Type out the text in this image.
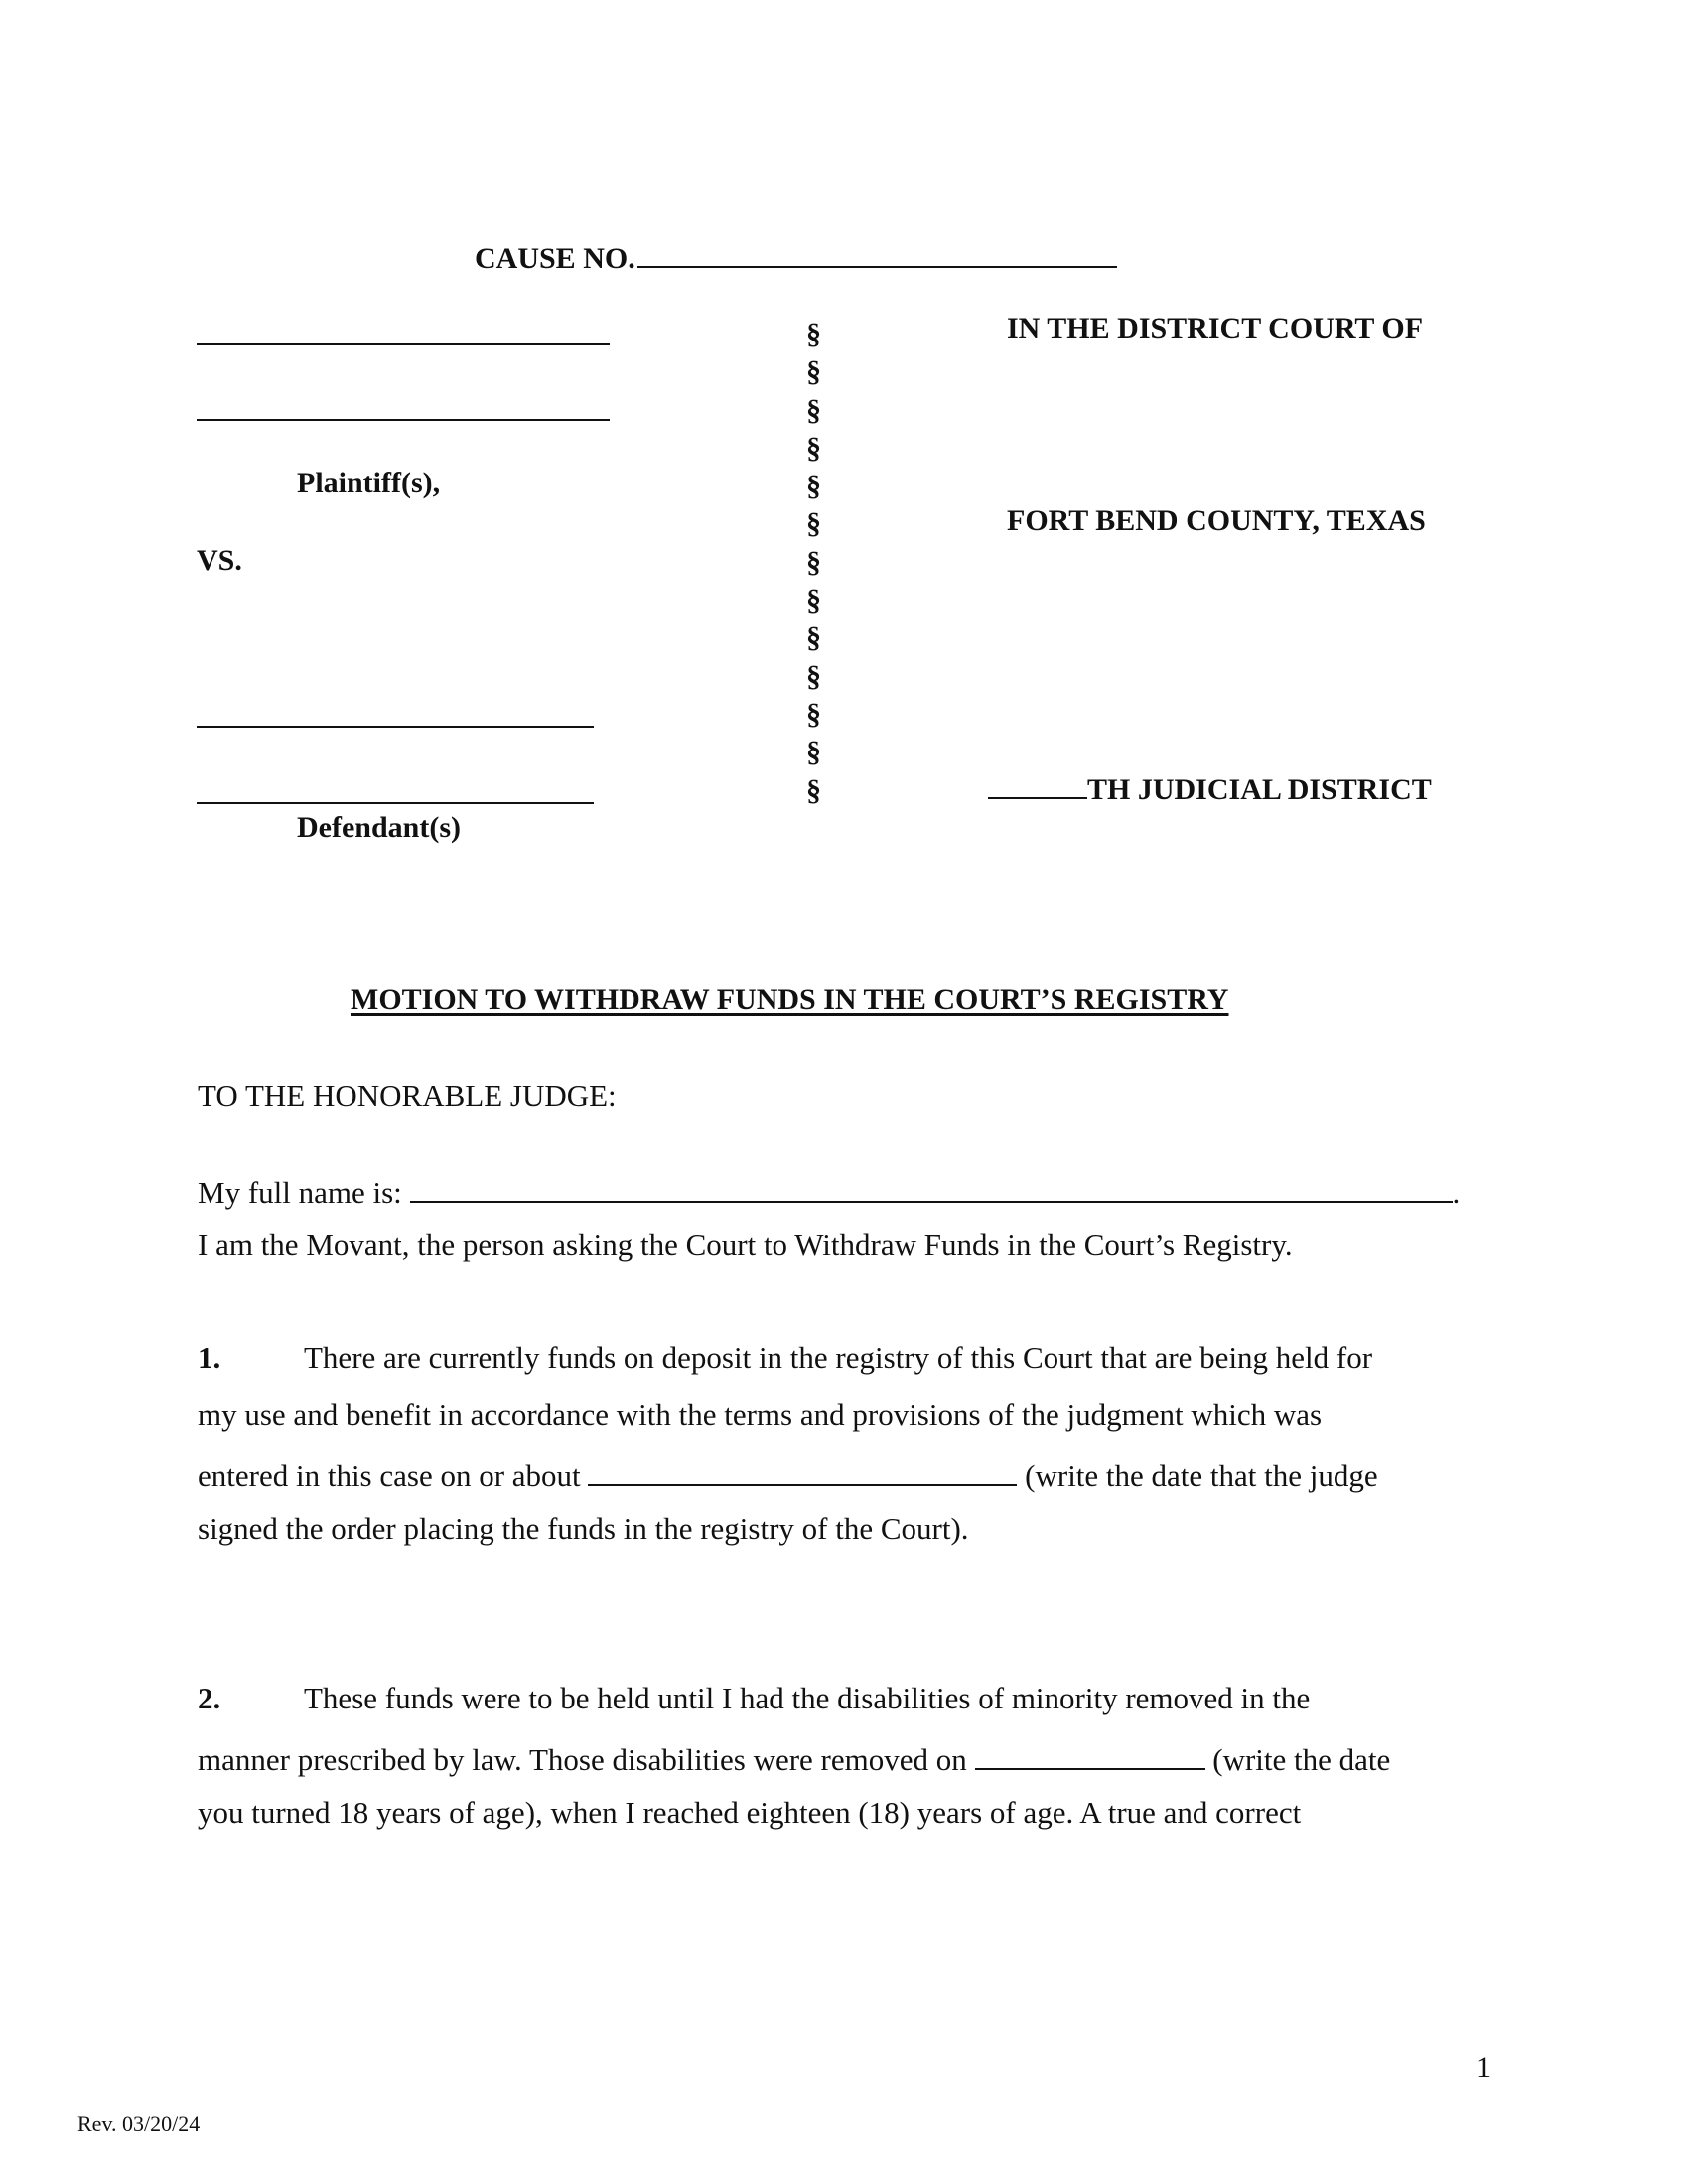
CAUSE NO.
Plaintiff(s),
VS.
Defendant(s)
§
§
§
§
§
§
§
§
§
§
§
§
§
IN THE DISTRICT COURT OF
FORT BEND COUNTY, TEXAS
TH JUDICIAL DISTRICT
MOTION TO WITHDRAW FUNDS IN THE COURT’S REGISTRY
TO THE HONORABLE JUDGE:
My full name is:	.
I am the Movant, the person asking the Court to Withdraw Funds in the Court’s Registry.
1.	There are currently funds on deposit in the registry of this Court that are being held for
my use and benefit in accordance with the terms and provisions of the judgment which was
entered in this case on or about	(write the date that the judge
signed the order placing the funds in the registry of the Court).
2.	These funds were to be held until I had the disabilities of minority removed in the
manner prescribed by law. Those disabilities were removed on	(write the date
you turned 18 years of age), when I reached eighteen (18) years of age. A true and correct
1
Rev. 03/20/24
